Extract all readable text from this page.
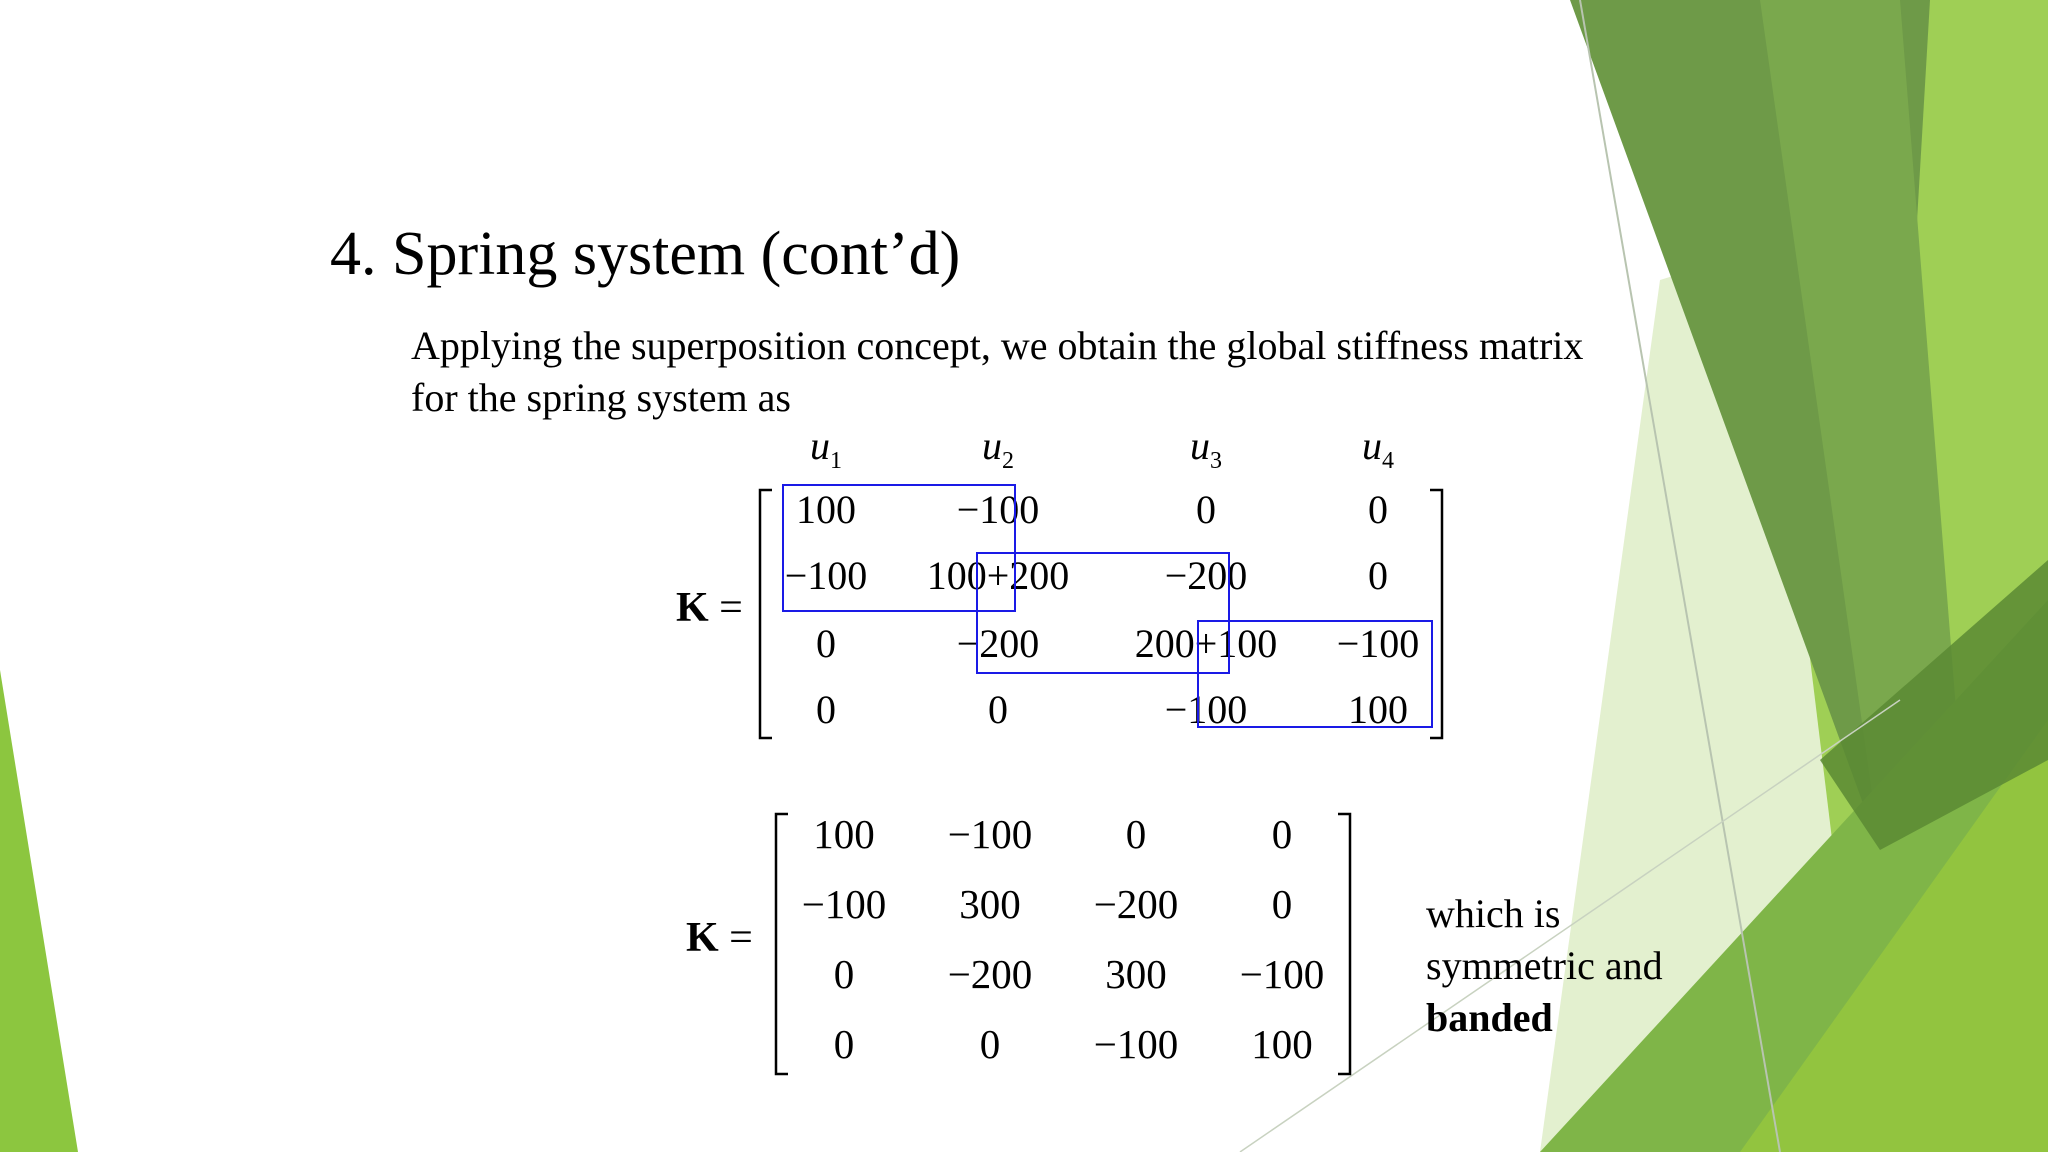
4. Spring system (cont’d)
Applying the superposition concept, we obtain the global stiffness matrix
for the spring system as
K =
$u_1$	$u_2$	$u_3$	$u_4$
100	−100	0	0
−100 100+200 −200	0
0	−200 200+100 −100
0	0	−100	100
K =
100 −100 0	0
−100 300 −200 0
0 −200 300 −100
0	0 −100 100
which is
symmetric and
banded
